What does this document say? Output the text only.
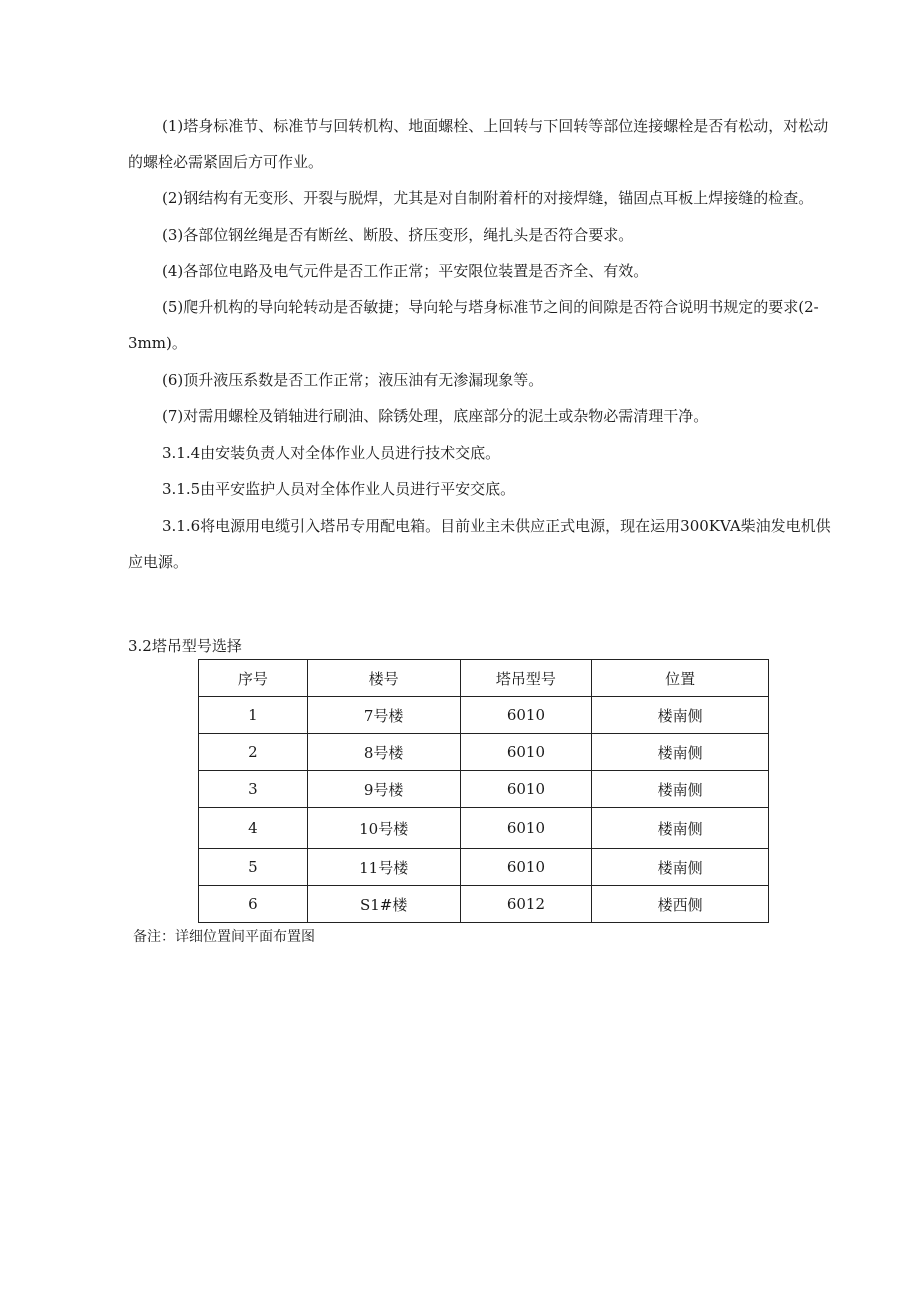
(1)塔身标准节、标准节与回转机构、地面螺栓、上回转与下回转等部位连接螺栓是否有松动，对松动的螺栓必需紧固后方可作业。

(2)钢结构有无变形、开裂与脱焊，尤其是对自制附着杆的对接焊缝，锚固点耳板上焊接缝的检查。

(3)各部位钢丝绳是否有断丝、断股、挤压变形，绳扎头是否符合要求。

(4)各部位电路及电气元件是否工作正常；平安限位装置是否齐全、有效。

(5)爬升机构的导向轮转动是否敏捷；导向轮与塔身标准节之间的间隙是否符合说明书规定的要求(2-3mm)。

(6)顶升液压系数是否工作正常；液压油有无渗漏现象等。

(7)对需用螺栓及销轴进行刷油、除锈处理，底座部分的泥土或杂物必需清理干净。

3.1.4由安装负责人对全体作业人员进行技术交底。

3.1.5由平安监护人员对全体作业人员进行平安交底。

3.1.6将电源用电缆引入塔吊专用配电箱。目前业主未供应正式电源，现在运用300KVA柴油发电机供应电源。

3.2塔吊型号选择

序号	楼号	塔吊型号	位置
1	7号楼	6010	楼南侧
2	8号楼	6010	楼南侧
3	9号楼	6010	楼南侧
4	10号楼	6010	楼南侧
5	11号楼	6010	楼南侧
6	S1#楼	6012	楼西侧

备注：详细位置间平面布置图
